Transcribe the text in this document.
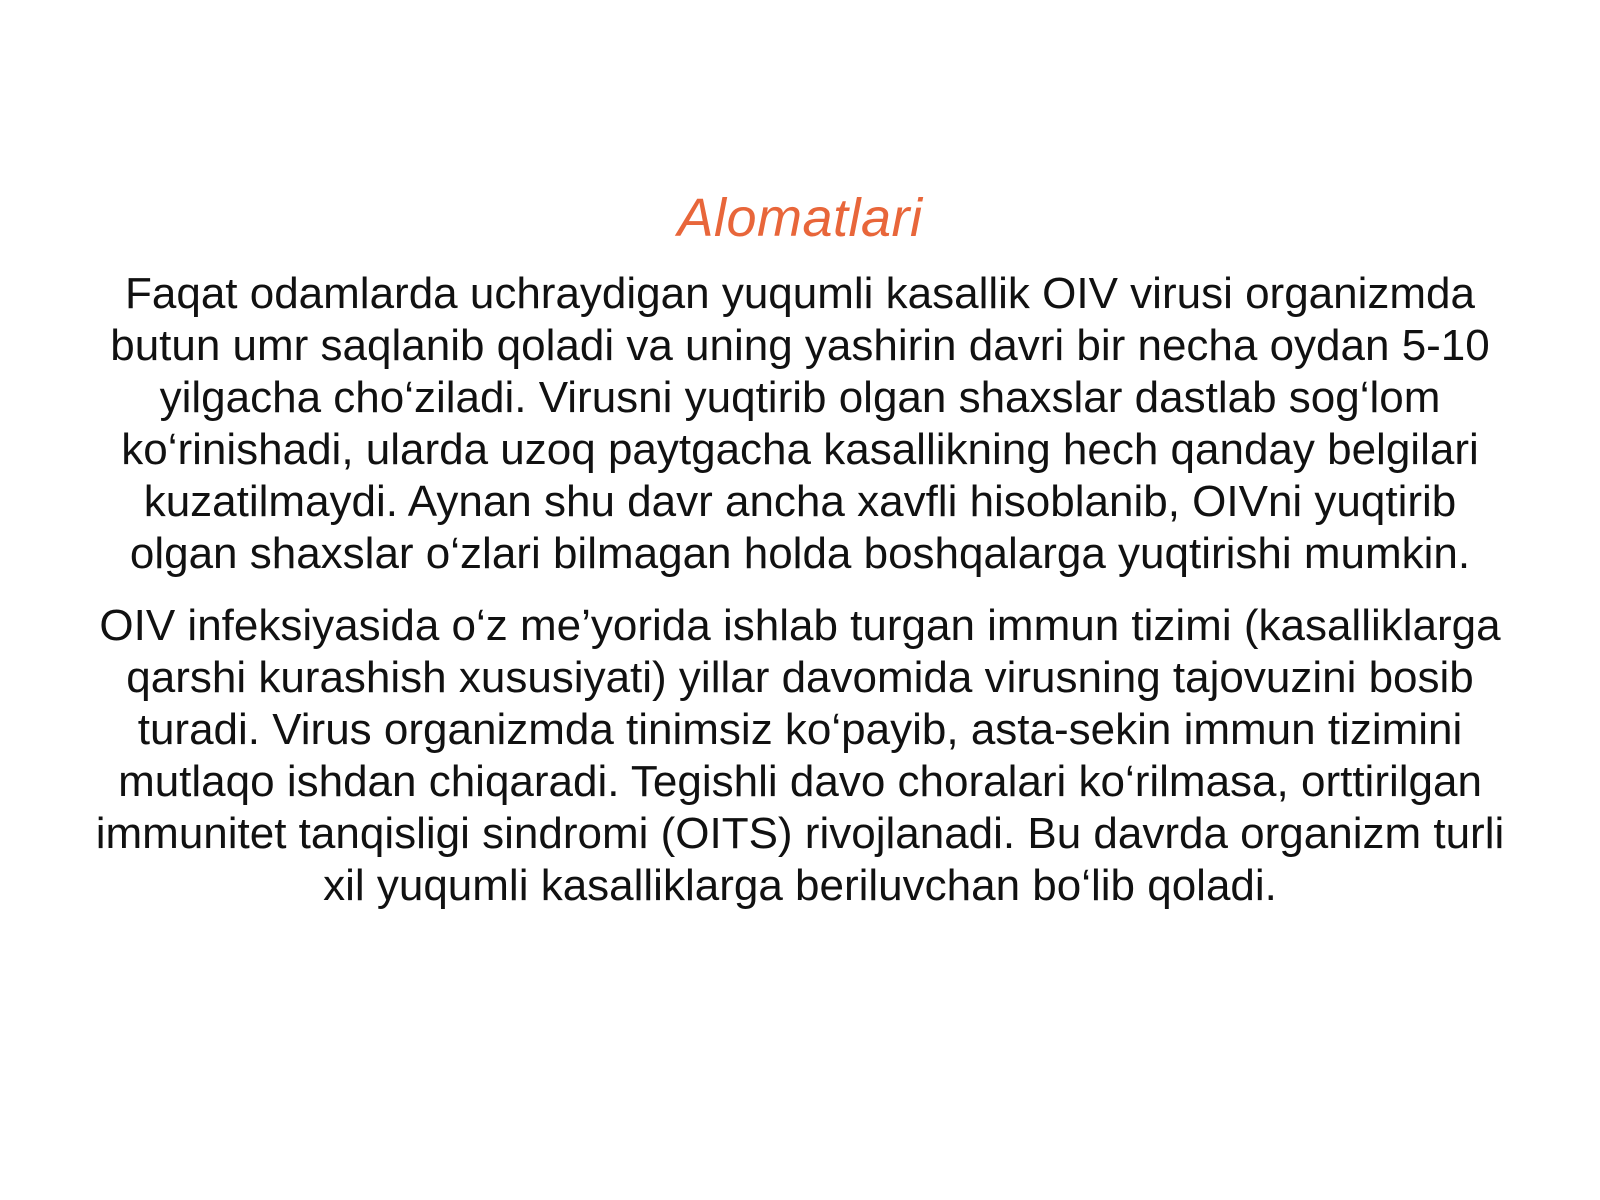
Alomatlari

Faqat odamlarda uchraydigan yuqumli kasallik OIV virusi organizmda butun umr saqlanib qoladi va uning yashirin davri bir necha oydan 5-10 yilgacha cho‘ziladi. Virusni yuqtirib olgan shaxslar dastlab sog‘lom ko‘rinishadi, ularda uzoq paytgacha kasallikning hech qanday belgilari kuzatilmaydi. Aynan shu davr ancha xavfli hisoblanib, OIVni yuqtirib olgan shaxslar o‘zlari bilmagan holda boshqalarga yuqtirishi mumkin.

OIV infeksiyasida o‘z me’yorida ishlab turgan immun tizimi (kasalliklarga qarshi kurashish xususiyati) yillar davomida virusning tajovuzini bosib turadi. Virus organizmda tinimsiz ko‘payib, asta-sekin immun tizimini mutlaqo ishdan chiqaradi. Tegishli davo choralari ko‘rilmasa, orttirilgan immunitet tanqisligi sindromi (OITS) rivojlanadi. Bu davrda organizm turli xil yuqumli kasalliklarga beriluvchan bo‘lib qoladi.
